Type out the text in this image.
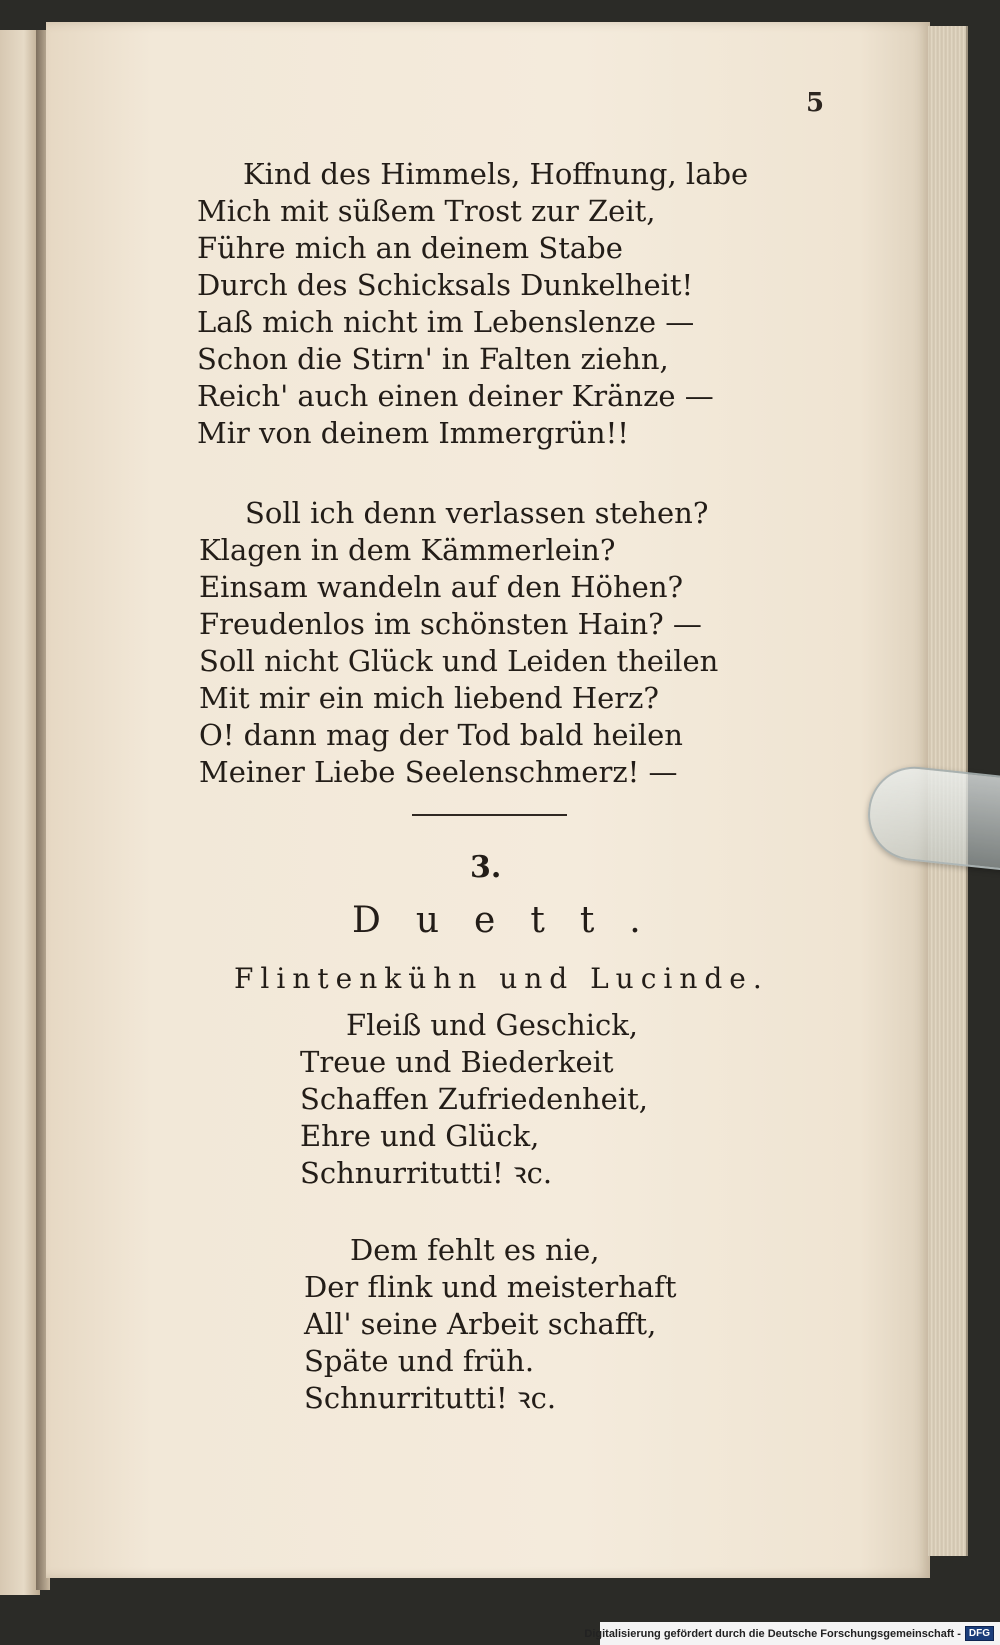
5
Kind des Himmels, Hoffnung, labe
Mich mit süßem Trost zur Zeit,
Führe mich an deinem Stabe
Durch des Schicksals Dunkelheit!
Laß mich nicht im Lebenslenze —
Schon die Stirn' in Falten ziehn,
Reich' auch einen deiner Kränze —
Mir von deinem Immergrün!!
Soll ich denn verlassen stehen?
Klagen in dem Kämmerlein?
Einsam wandeln auf den Höhen?
Freudenlos im schönsten Hain? —
Soll nicht Glück und Leiden theilen
Mit mir ein mich liebend Herz?
O! dann mag der Tod bald heilen
Meiner Liebe Seelenschmerz! —
3.
Duett.
Flintenkühn und Lucinde.
Fleiß und Geschick,
Treue und Biederkeit
Schaffen Zufriedenheit,
Ehre und Glück,
Schnurritutti! ꝛc.
Dem fehlt es nie,
Der flink und meisterhaft
All' seine Arbeit schafft,
Späte und früh.
Schnurritutti! ꝛc.
Digitalisierung gefördert durch die Deutsche Forschungsgemeinschaft - DFG
